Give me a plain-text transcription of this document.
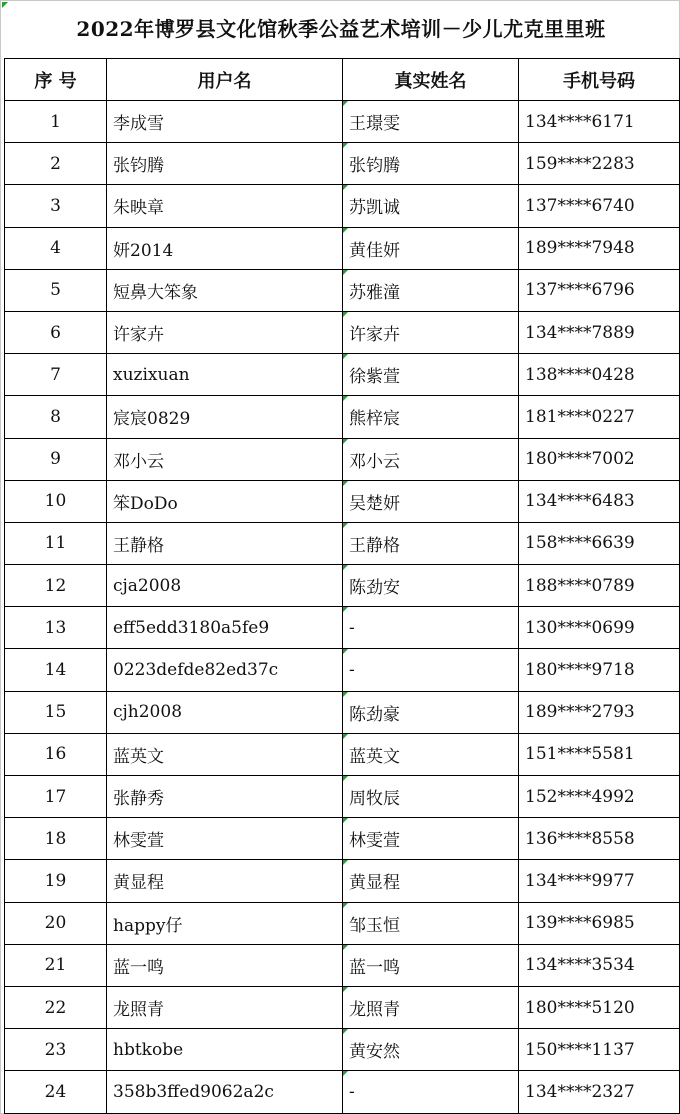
2022年博罗县文化馆秋季公益艺术培训－少儿尤克里里班
序 号	用户名	真实姓名	手机号码
1	李成雪	王璟雯	134****6171
2	张钧腾	张钧腾	159****2283
3	朱映章	苏凯诚	137****6740
4	妍2014	黄佳妍	189****7948
5	短鼻大笨象	苏雅潼	137****6796
6	许家卉	许家卉	134****7889
7	xuzixuan	徐紫萱	138****0428
8	宸宸0829	熊梓宸	181****0227
9	邓小云	邓小云	180****7002
10	笨DoDo	吴楚妍	134****6483
11	王静格	王静格	158****6639
12	cja2008	陈劲安	188****0789
13	eff5edd3180a5fe9	-	130****0699
14	0223defde82ed37c	-	180****9718
15	cjh2008	陈劲豪	189****2793
16	蓝英文	蓝英文	151****5581
17	张静秀	周牧辰	152****4992
18	林雯萱	林雯萱	136****8558
19	黄显程	黄显程	134****9977
20	happy仔	邹玉恒	139****6985
21	蓝一鸣	蓝一鸣	134****3534
22	龙照青	龙照青	180****5120
23	hbtkobe	黄安然	150****1137
24	358b3ffed9062a2c	-	134****2327
